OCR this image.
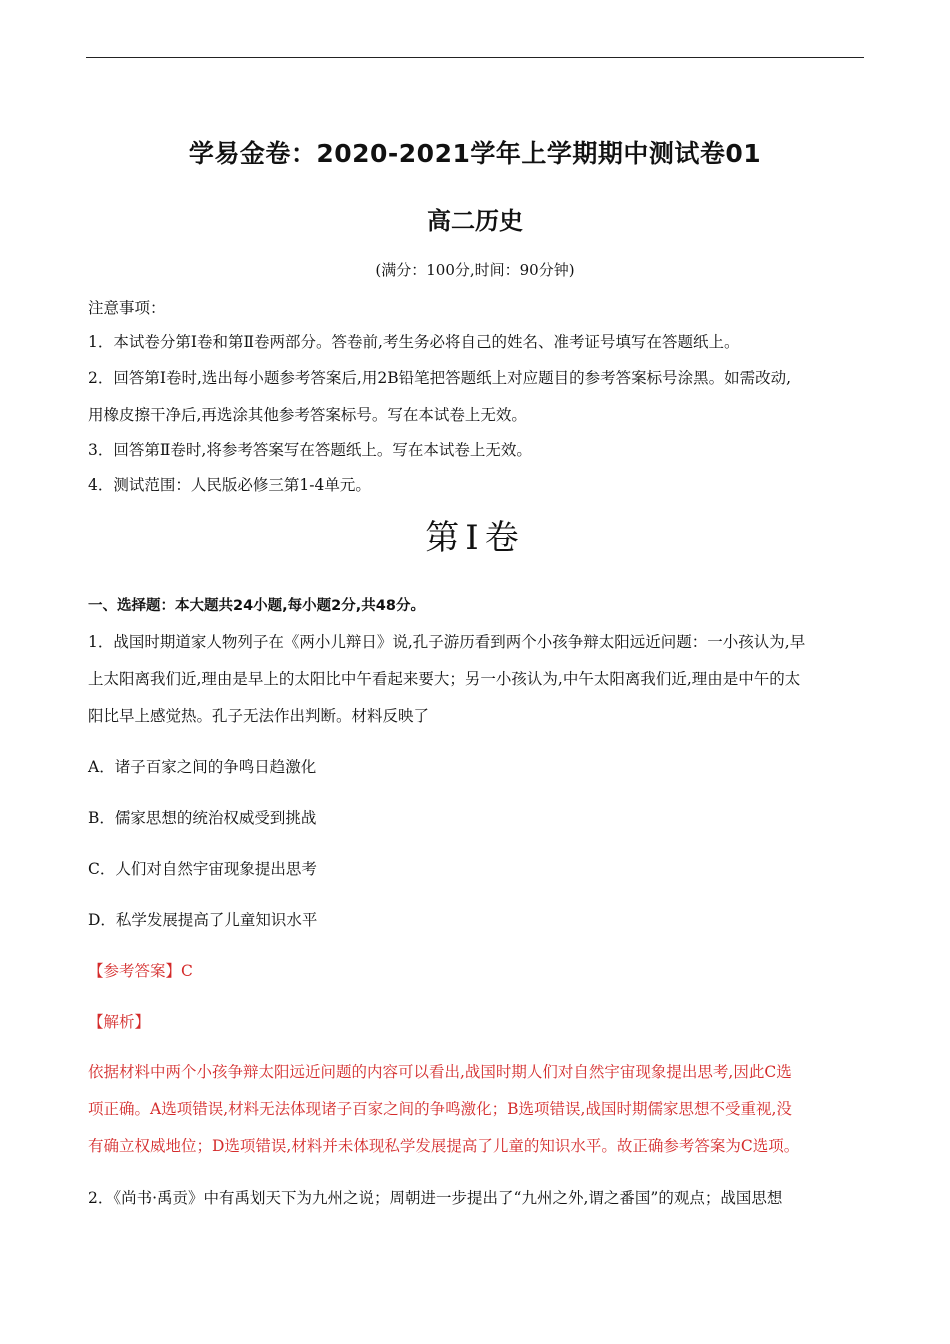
学易金卷：2020-2021学年上学期期中测试卷01
高二历史
(满分：100分,时间：90分钟)
注意事项：
1．本试卷分第Ⅰ卷和第Ⅱ卷两部分。答卷前,考生务必将自己的姓名、准考证号填写在答题纸上。
2．回答第Ⅰ卷时,选出每小题参考答案后,用2B铅笔把答题纸上对应题目的参考答案标号涂黑。如需改动,
用橡皮擦干净后,再选涂其他参考答案标号。写在本试卷上无效。
3．回答第Ⅱ卷时,将参考答案写在答题纸上。写在本试卷上无效。
4．测试范围：人民版必修三第1-4单元。
第Ⅰ卷
一、选择题：本大题共24小题,每小题2分,共48分。
1．战国时期道家人物列子在《两小儿辩日》说,孔子游历看到两个小孩争辩太阳远近问题：一小孩认为,早
上太阳离我们近,理由是早上的太阳比中午看起来要大；另一小孩认为,中午太阳离我们近,理由是中午的太
阳比早上感觉热。孔子无法作出判断。材料反映了
A．诸子百家之间的争鸣日趋激化
B．儒家思想的统治权威受到挑战
C．人们对自然宇宙现象提出思考
D．私学发展提高了儿童知识水平
【参考答案】C
【解析】
依据材料中两个小孩争辩太阳远近问题的内容可以看出,战国时期人们对自然宇宙现象提出思考,因此C选
项正确。A选项错误,材料无法体现诸子百家之间的争鸣激化；B选项错误,战国时期儒家思想不受重视,没
有确立权威地位；D选项错误,材料并未体现私学发展提高了儿童的知识水平。故正确参考答案为C选项。
2．《尚书·禹贡》中有禹划天下为九州之说；周朝进一步提出了“九州之外,谓之番国”的观点；战国思想
